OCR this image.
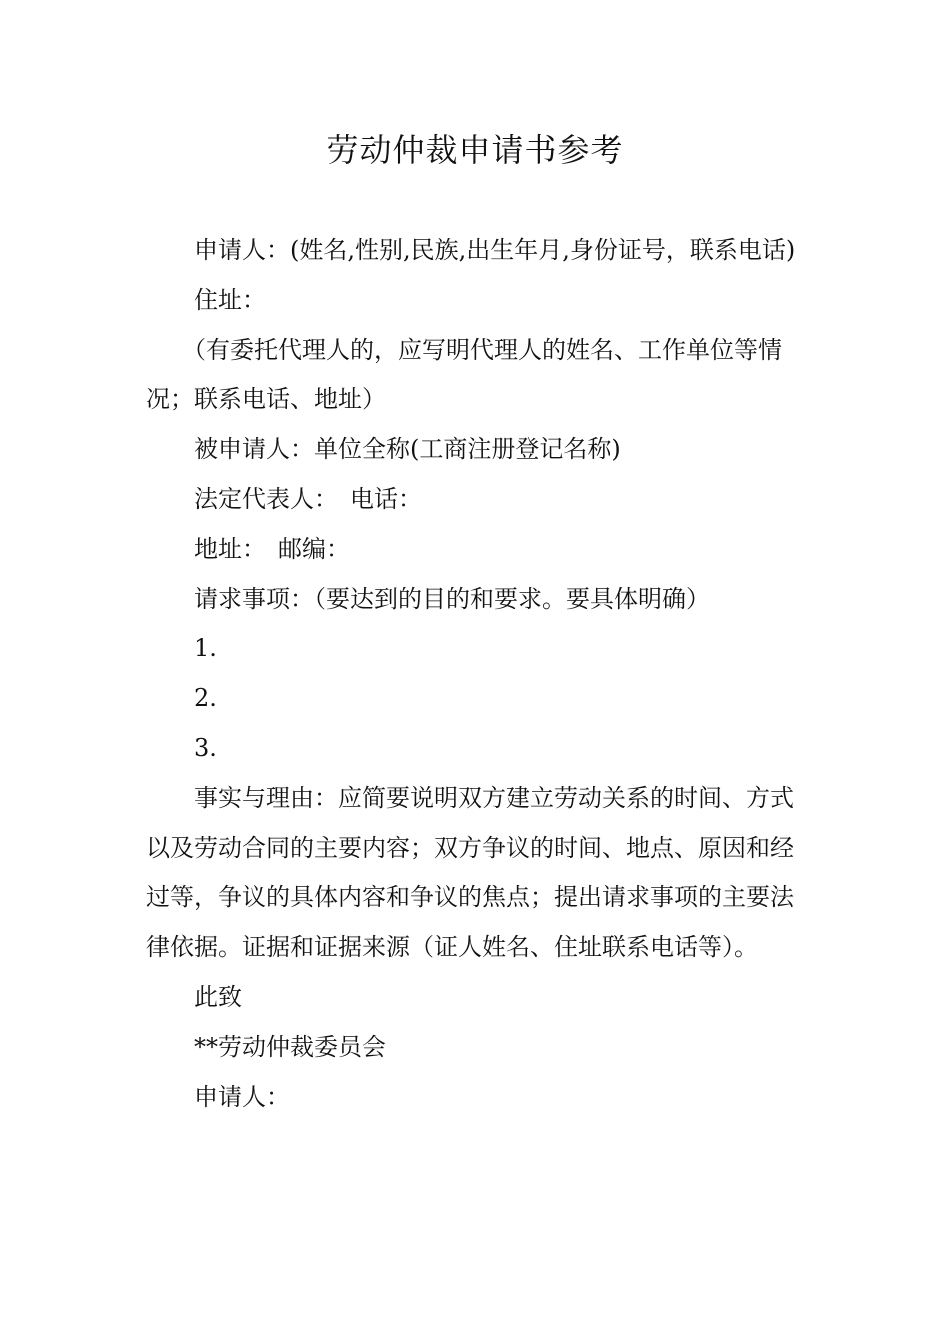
劳动仲裁申请书参考

申请人：(姓名,性别,民族,出生年月,身份证号，联系电话)

住址：

（有委托代理人的，应写明代理人的姓名、工作单位等情况；联系电话、地址）

被申请人：单位全称(工商注册登记名称)

法定代表人：　电话：

地址：　邮编：

请求事项：（要达到的目的和要求。要具体明确）

1.

2.

3.

事实与理由：应简要说明双方建立劳动关系的时间、方式以及劳动合同的主要内容；双方争议的时间、地点、原因和经过等，争议的具体内容和争议的焦点；提出请求事项的主要法律依据。证据和证据来源（证人姓名、住址联系电话等）。

此致

**劳动仲裁委员会

申请人：
